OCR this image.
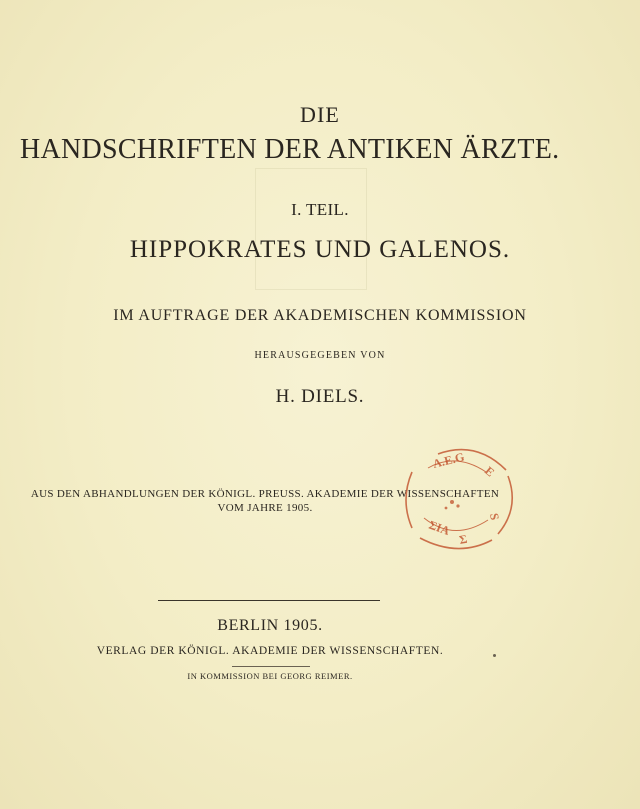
DIE
HANDSCHRIFTEN DER ANTIKEN ÄRZTE.
I. TEIL.
HIPPOKRATES UND GALENOS.
IM AUFTRAGE DER AKADEMISCHEN KOMMISSION
HERAUSGEGEBEN VON
H. DIELS.
AUS DEN ABHANDLUNGEN DER KÖNIGL. PREUSS. AKADEMIE DER WISSENSCHAFTEN
VOM JAHRE 1905.
A.E.G
E
S
ΣΙΑ
Σ
BERLIN 1905.
VERLAG DER KÖNIGL. AKADEMIE DER WISSENSCHAFTEN.
IN KOMMISSION BEI GEORG REIMER.
